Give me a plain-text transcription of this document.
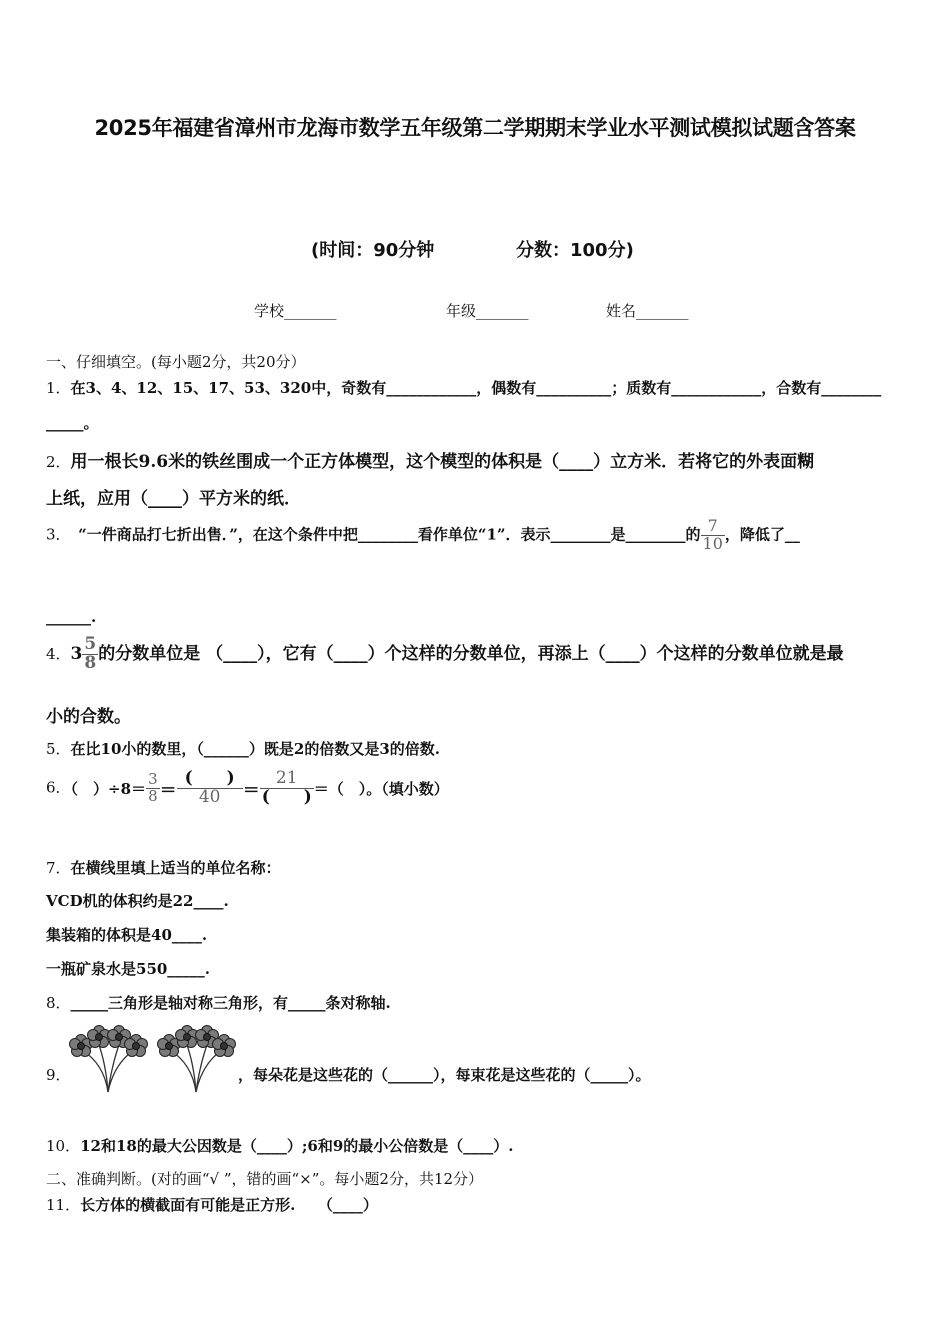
2025年福建省漳州市龙海市数学五年级第二学期期末学业水平测试模拟试题含答案
(时间：90分钟	分数：100分)
学校_______	年级_______	姓名_______
一、仔细填空。(每小题2分，共20分）
1．在3、4、12、15、17、53、320中，奇数有____________，偶数有__________；质数有____________，合数有________
_____。
2．用一根长9.6米的铁丝围成一个正方体模型，这个模型的体积是（____）立方米．若将它的外表面糊
上纸，应用（____）平方米的纸．
3．　 “一件商品打七折出售．”，在这个条件中把________看作单位“1”．表示________是________的 $\frac{7}{10}$ ，降低了__
______.
4．$3 \frac{5}{8}$ 的分数单位是 （____），它有（____）个这样的分数单位，再添上（____）个这样的分数单位就是最
小的合数。
5．在比10小的数里，（______）既是2的倍数又是3的倍数.
6．（　）$\div 8= \frac{3}{8} = \frac{( )}{40} = \frac{21}{( )}$ ＝（　）。（填小数）
7．在横线里填上适当的单位名称：
VCD机的体积约是22____.
集装箱的体积是40____.
一瓶矿泉水是550_____.
8．_____三角形是轴对称三角形，有_____条对称轴.
9．	，每朵花是这些花的（______），每束花是这些花的（_____）。
10．12和18的最大公因数是（____）;6和9的最小公倍数是（____）.
二、准确判断。(对的画“√ ”，错的画“×”。每小题2分，共12分）
11．长方体的横截面有可能是正方形.　　（____）
